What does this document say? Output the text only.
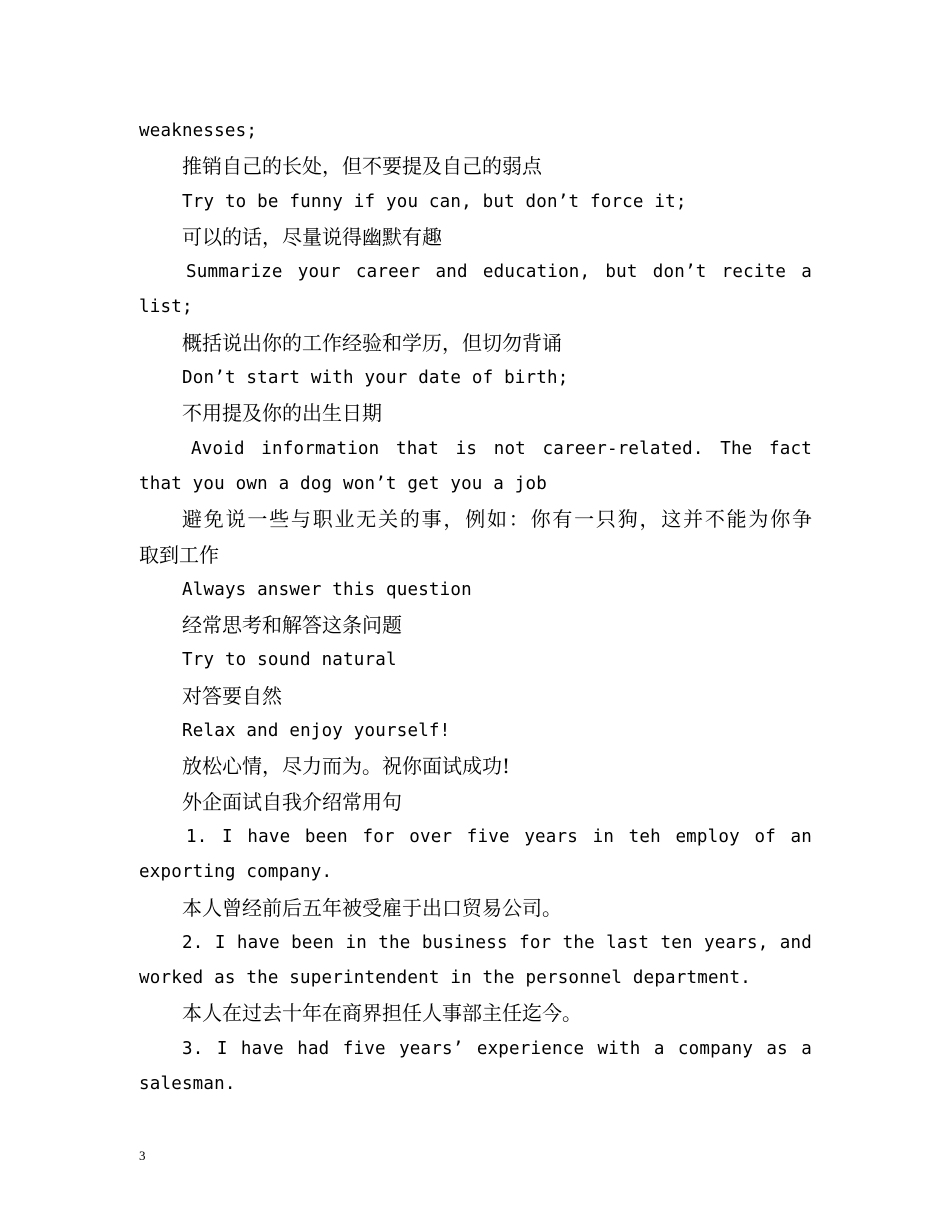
weaknesses;
推销自己的长处，但不要提及自己的弱点
Try to be funny if you can, but don’t force it;
可以的话，尽量说得幽默有趣
Summarize your career and education, but don’t recite a
list;
概括说出你的工作经验和学历，但切勿背诵
Don’t start with your date of birth;
不用提及你的出生日期
Avoid information that is not career-related. The fact
that you own a dog won’t get you a job
避免说一些与职业无关的事，例如：你有一只狗，这并不能为你争
取到工作
Always answer this question
经常思考和解答这条问题
Try to sound natural
对答要自然
Relax and enjoy yourself!
放松心情，尽力而为。祝你面试成功!
外企面试自我介绍常用句
1. I have been for over five years in teh employ of an
exporting company.
本人曾经前后五年被受雇于出口贸易公司。
2. I have been in the business for the last ten years, and
worked as the superintendent in the personnel department.
本人在过去十年在商界担任人事部主任迄今。
3. I have had five years’ experience with a company as a
salesman.
3
